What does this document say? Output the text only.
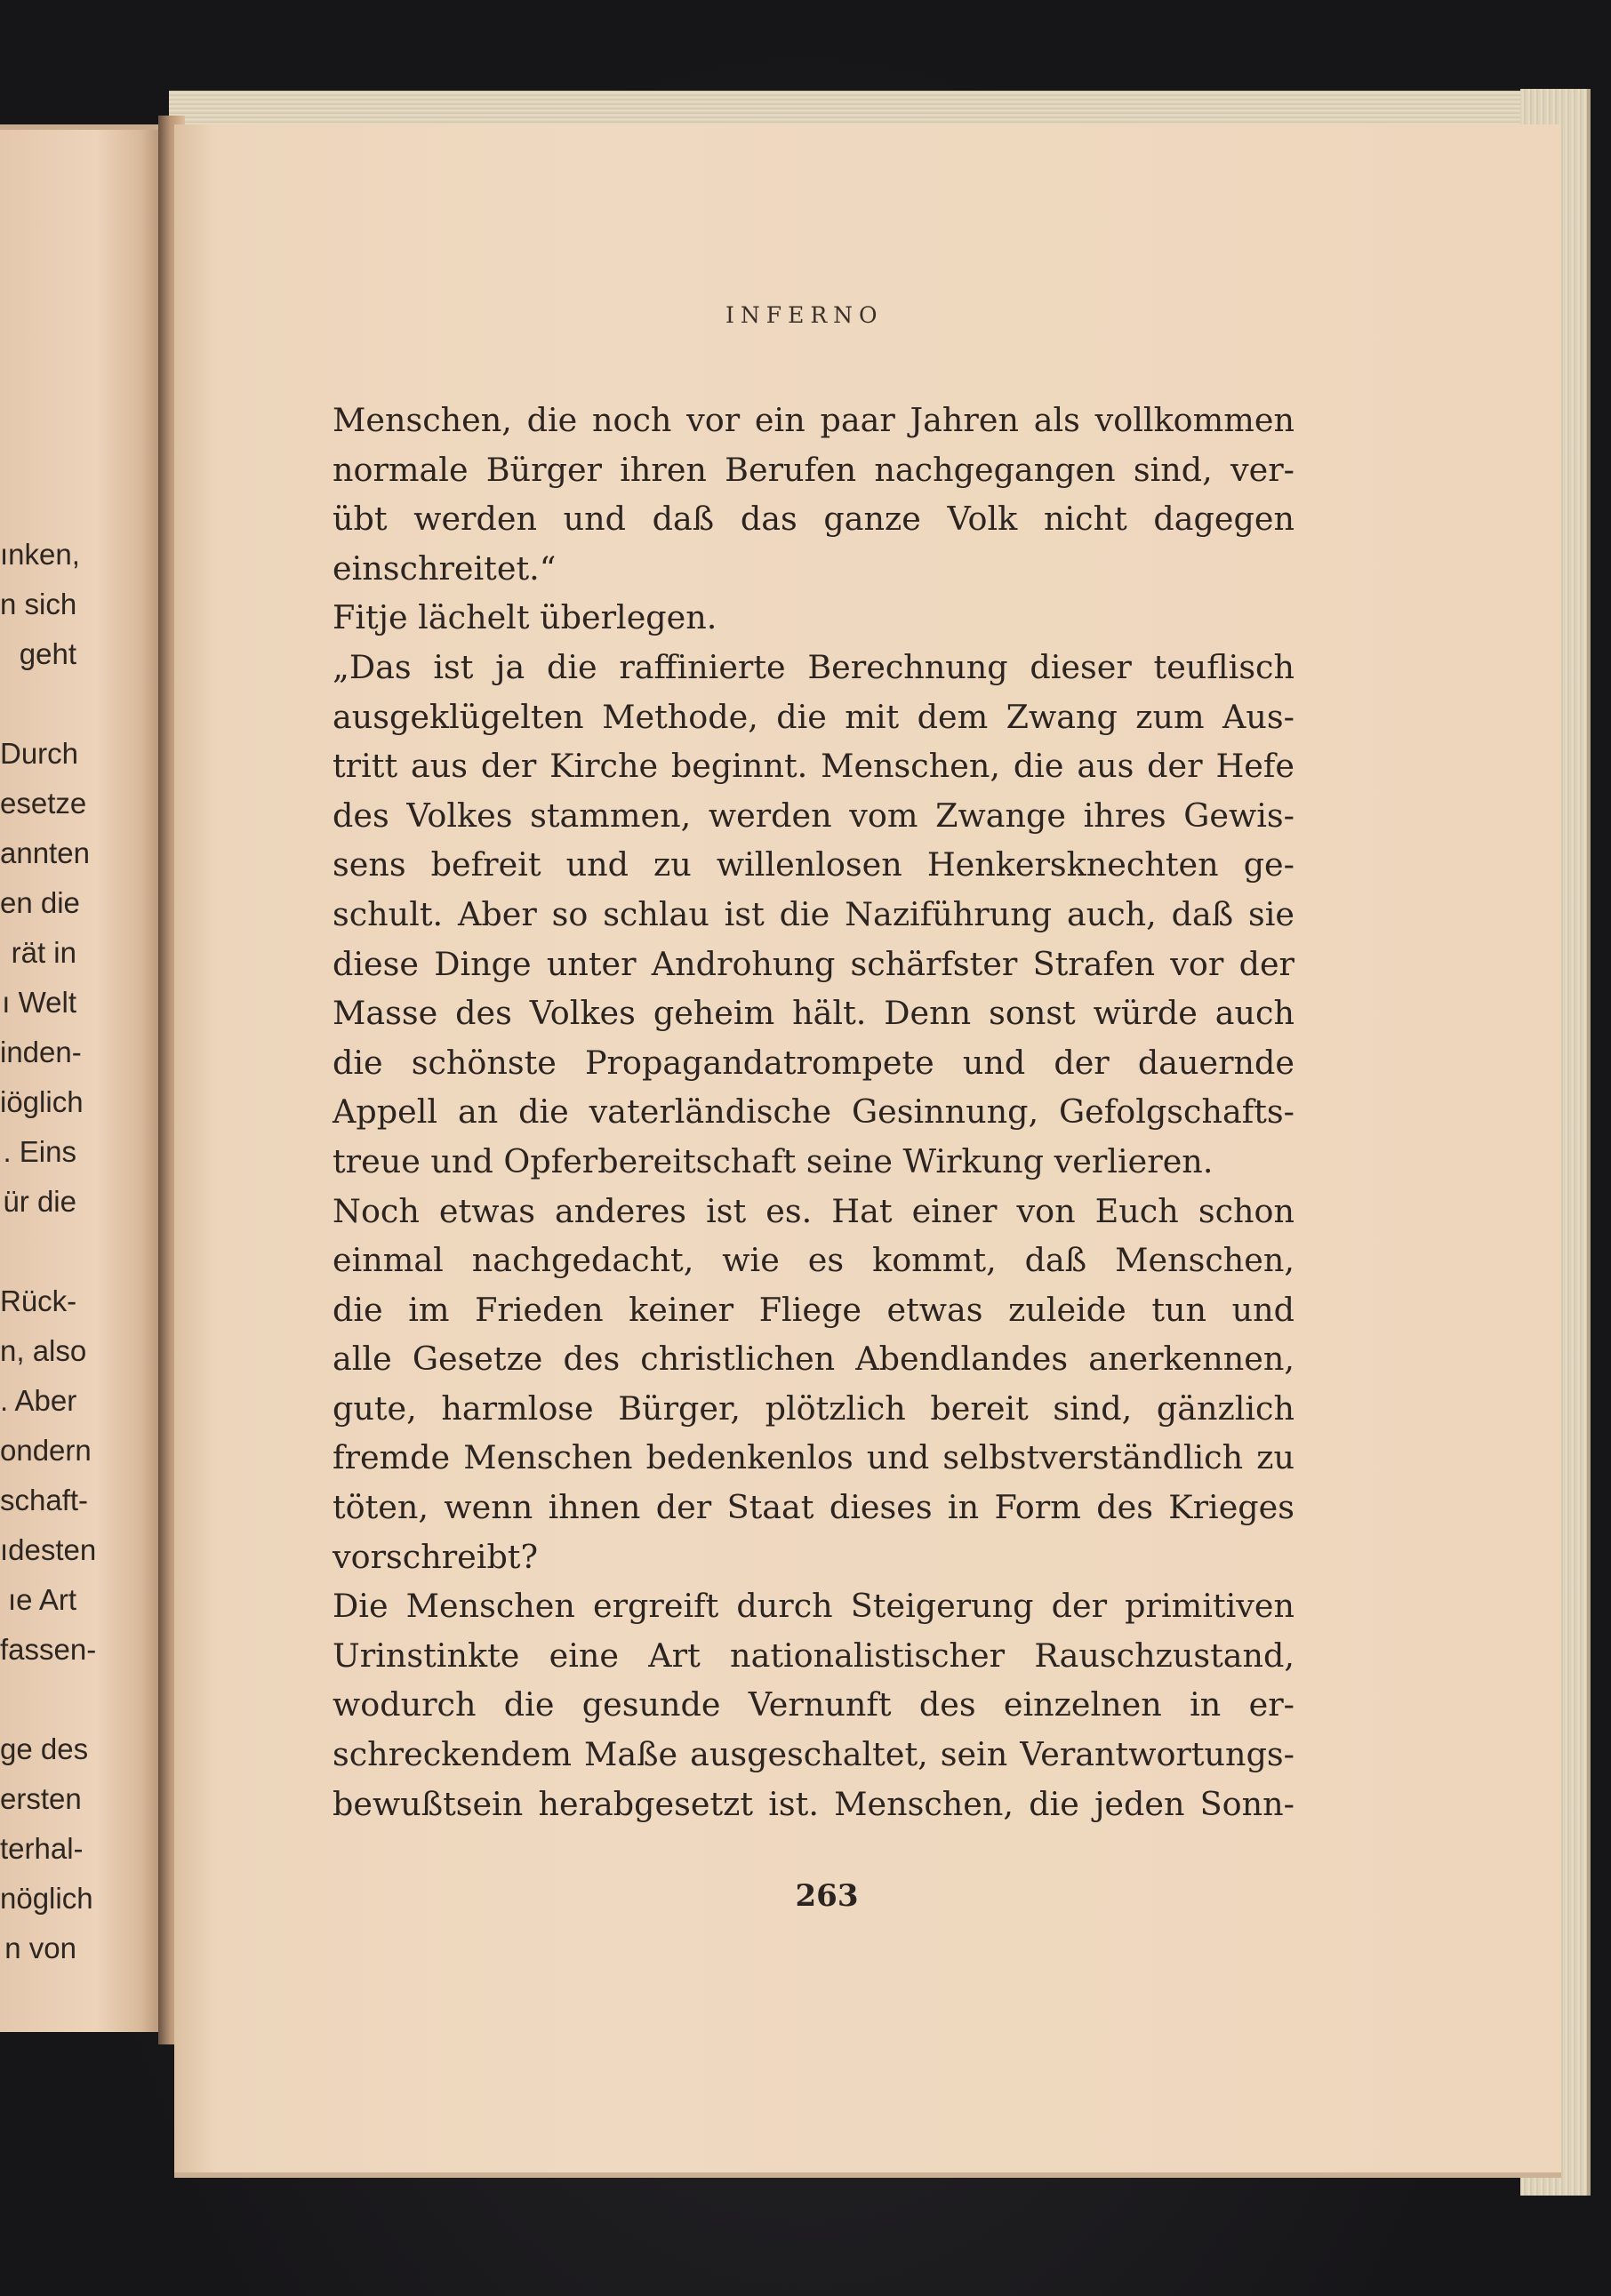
ınken,
n sich
geht
Durch
esetze
annten
en die
rät in
ı Welt
inden-
iöglich
. Eins
ür die
Rück-
n, also
. Aber
ondern
schaft-
ıdesten
ıe Art
fassen-
ge des
ersten
terhal-
nöglich
n von
INFERNO
Menschen, die noch vor ein paar Jahren als vollkommen
normale Bürger ihren Berufen nachgegangen sind, ver-
übt werden und daß das ganze Volk nicht dagegen
einschreitet.“
Fitje lächelt überlegen.
„Das ist ja die raffinierte Berechnung dieser teuflisch
ausgeklügelten Methode, die mit dem Zwang zum Aus-
tritt aus der Kirche beginnt. Menschen, die aus der Hefe
des Volkes stammen, werden vom Zwange ihres Gewis-
sens befreit und zu willenlosen Henkersknechten ge-
schult. Aber so schlau ist die Naziführung auch, daß sie
diese Dinge unter Androhung schärfster Strafen vor der
Masse des Volkes geheim hält. Denn sonst würde auch
die schönste Propagandatrompete und der dauernde
Appell an die vaterländische Gesinnung, Gefolgschafts-
treue und Opferbereitschaft seine Wirkung verlieren.
Noch etwas anderes ist es. Hat einer von Euch schon
einmal nachgedacht, wie es kommt, daß Menschen,
die im Frieden keiner Fliege etwas zuleide tun und
alle Gesetze des christlichen Abendlandes anerkennen,
gute, harmlose Bürger, plötzlich bereit sind, gänzlich
fremde Menschen bedenkenlos und selbstverständlich zu
töten, wenn ihnen der Staat dieses in Form des Krieges
vorschreibt?
Die Menschen ergreift durch Steigerung der primitiven
Urinstinkte eine Art nationalistischer Rauschzustand,
wodurch die gesunde Vernunft des einzelnen in er-
schreckendem Maße ausgeschaltet, sein Verantwortungs-
bewußtsein herabgesetzt ist. Menschen, die jeden Sonn-
263
